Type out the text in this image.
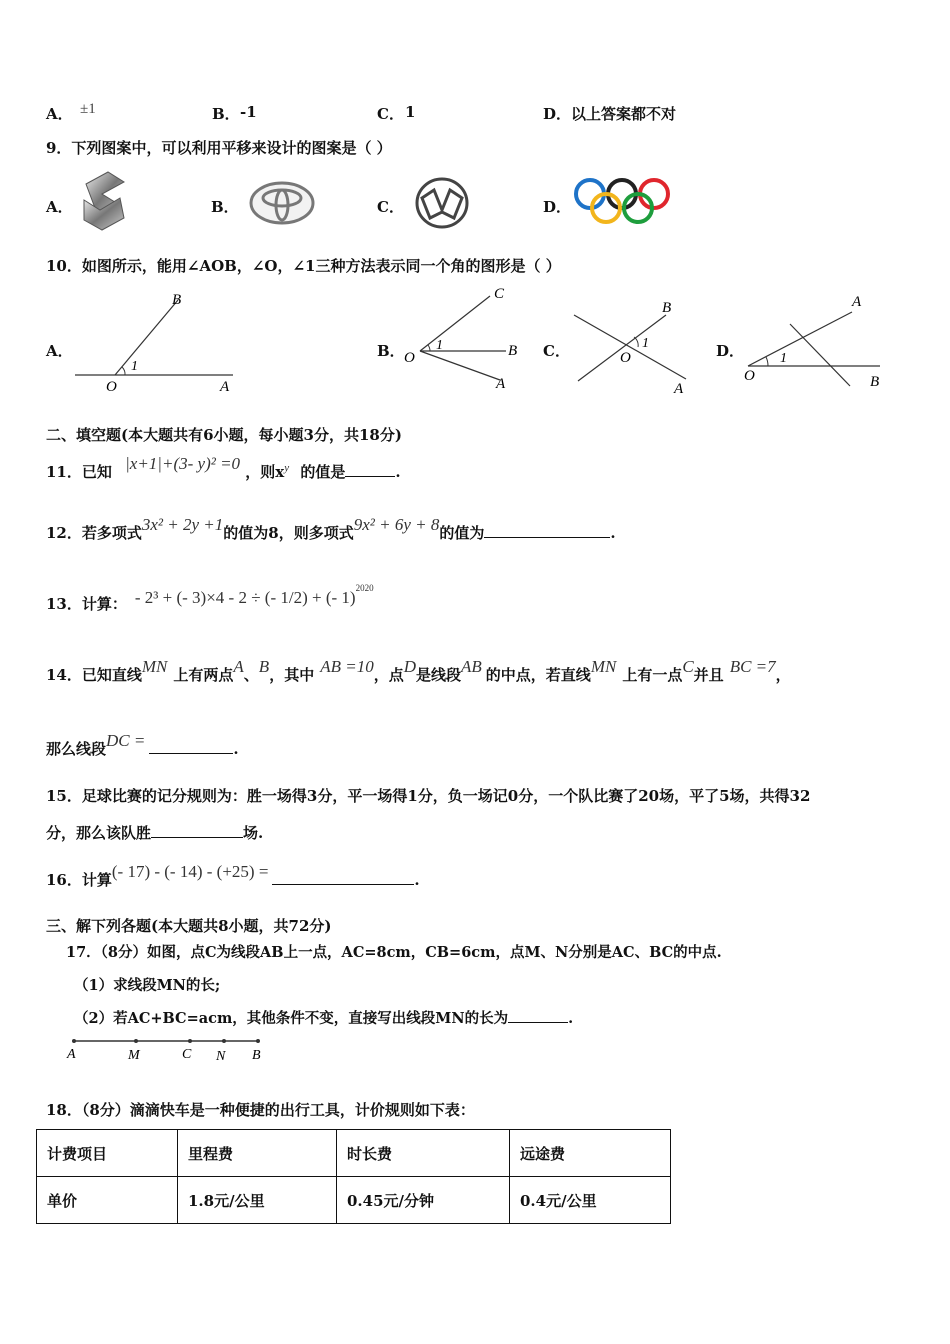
A． ±1	B． -1	C． 1	D． 以上答案都不对
9．下列图案中，可以利用平移来设计的图案是（ ）
A．	B．	C．	D．
10．如图所示，能用∠AOB，∠O，∠1三种方法表示同一个角的图形是（ ）
A．
B
1
O	A
B．
C
1
O	B
A
C．
B
1
O
A
D．
A
1
O	B
二、填空题(本大题共有6小题，每小题3分，共18分)
11．已知 |x+1|+(3- y)² =0 ，则$x^y$ 的值是	.
12．若多项式3x² + 2y +1的值为8，则多项式9x² + 6y + 8的值为	.
13．计算： - 2³ + (- 3)×4 - 2 ÷ (- 1/2) + (- 1)$^{2020}$
14．已知直线MN 上有两点A、B，其中 AB =10，点D是线段AB 的中点，若直线MN 上有一点C并且 BC =7，
那么线段DC =	.
15．足球比赛的记分规则为：胜一场得3分，平一场得1分，负一场记0分，一个队比赛了20场，平了5场，共得32
分，那么该队胜	场.
16．计算(- 17) - (- 14) - (+25) =	.
三、解下列各题(本大题共8小题，共72分)
17．（8分）如图，点C为线段AB上一点，AC=8cm，CB=6cm，点M、N分别是AC、BC的中点.
（1）求线段MN的长;
（2）若AC+BC=acm，其他条件不变，直接写出线段MN的长为	.
A	M	C N B
18．（8分）滴滴快车是一种便捷的出行工具，计价规则如下表：
计费项目	里程费	时长费	远途费
单价	1.8元/公里	0.45元/分钟	0.4元/公里
